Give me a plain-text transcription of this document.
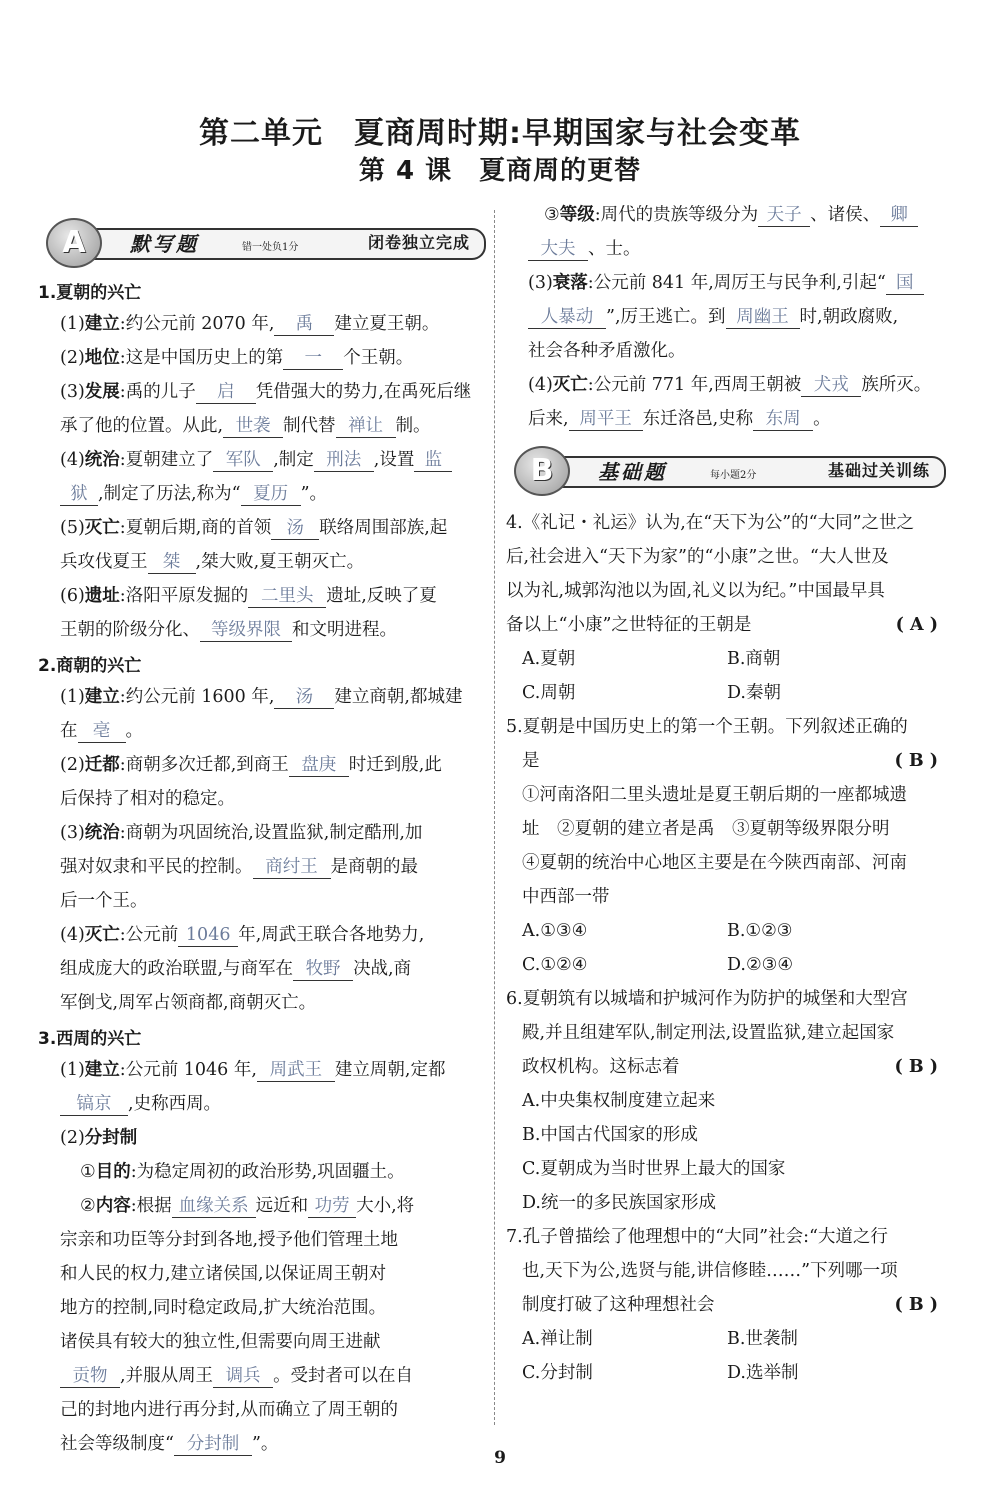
第二单元　夏商周时期:早期国家与社会变革
第 4 课　夏商周的更替
默写题	错一处负1分	闭卷独立完成
A
1.夏朝的兴亡
(1)建立:约公元前 2070 年, 禹 建立夏王朝。
(2)地位:这是中国历史上的第 一 个王朝。
(3)发展:禹的儿子 启 凭借强大的势力,在禹死后继
承了他的位置。从此, 世袭 制代替 禅让 制。
(4)统治:夏朝建立了 军队 ,制定 刑法 ,设置 监
狱 ,制定了历法,称为“ 夏历 ”。
(5)灭亡:夏朝后期,商的首领 汤 联络周围部族,起
兵攻伐夏王 桀 ,桀大败,夏王朝灭亡。
(6)遗址:洛阳平原发掘的 二里头 遗址,反映了夏
王朝的阶级分化、 等级界限 和文明进程。
2.商朝的兴亡
(1)建立:约公元前 1600 年, 汤 建立商朝,都城建
在 亳 。
(2)迁都:商朝多次迁都,到商王 盘庚 时迁到殷,此
后保持了相对的稳定。
(3)统治:商朝为巩固统治,设置监狱,制定酷刑,加
强对奴隶和平民的控制。 商纣王 是商朝的最
后一个王。
(4)灭亡:公元前 1046 年,周武王联合各地势力,
组成庞大的政治联盟,与商军在 牧野 决战,商
军倒戈,周军占领商都,商朝灭亡。
3.西周的兴亡
(1)建立:公元前 1046 年, 周武王 建立周朝,定都
镐京 ,史称西周。
(2)分封制
①目的:为稳定周初的政治形势,巩固疆土。
②内容:根据 血缘关系 远近和 功劳 大小,将
宗亲和功臣等分封到各地,授予他们管理土地
和人民的权力,建立诸侯国,以保证周王朝对
地方的控制,同时稳定政局,扩大统治范围。
诸侯具有较大的独立性,但需要向周王进献
贡物 ,并服从周王 调兵 。受封者可以在自
己的封地内进行再分封,从而确立了周王朝的
社会等级制度“ 分封制 ”。
③等级:周代的贵族等级分为 天子 、诸侯、 卿
大夫 、士。
(3)衰落:公元前 841 年,周厉王与民争利,引起“ 国
人暴动 ”,厉王逃亡。到 周幽王 时,朝政腐败,
社会各种矛盾激化。
(4)灭亡:公元前 771 年,西周王朝被 犬戎 族所灭。
后来, 周平王 东迁洛邑,史称 东周 。
基础题	每小题2分	基础过关训练
B
4.《礼记・礼运》认为,在“天下为公”的“大同”之世之
后,社会进入“天下为家”的“小康”之世。“大人世及
以为礼,城郭沟池以为固,礼义以为纪。”中国最早具
备以上“小康”之世特征的王朝是	( A )
A.夏朝	B.商朝
C.周朝	D.秦朝
5.夏朝是中国历史上的第一个王朝。下列叙述正确的
是	( B )
①河南洛阳二里头遗址是夏王朝后期的一座都城遗
址　②夏朝的建立者是禹　③夏朝等级界限分明
④夏朝的统治中心地区主要是在今陕西南部、河南
中西部一带
A.①③④	B.①②③
C.①②④	D.②③④
6.夏朝筑有以城墙和护城河作为防护的城堡和大型宫
殿,并且组建军队,制定刑法,设置监狱,建立起国家
政权机构。这标志着	( B )
A.中央集权制度建立起来
B.中国古代国家的形成
C.夏朝成为当时世界上最大的国家
D.统一的多民族国家形成
7.孔子曾描绘了他理想中的“大同”社会:“大道之行
也,天下为公,选贤与能,讲信修睦……”下列哪一项
制度打破了这种理想社会	( B )
A.禅让制	B.世袭制
C.分封制	D.选举制
9
